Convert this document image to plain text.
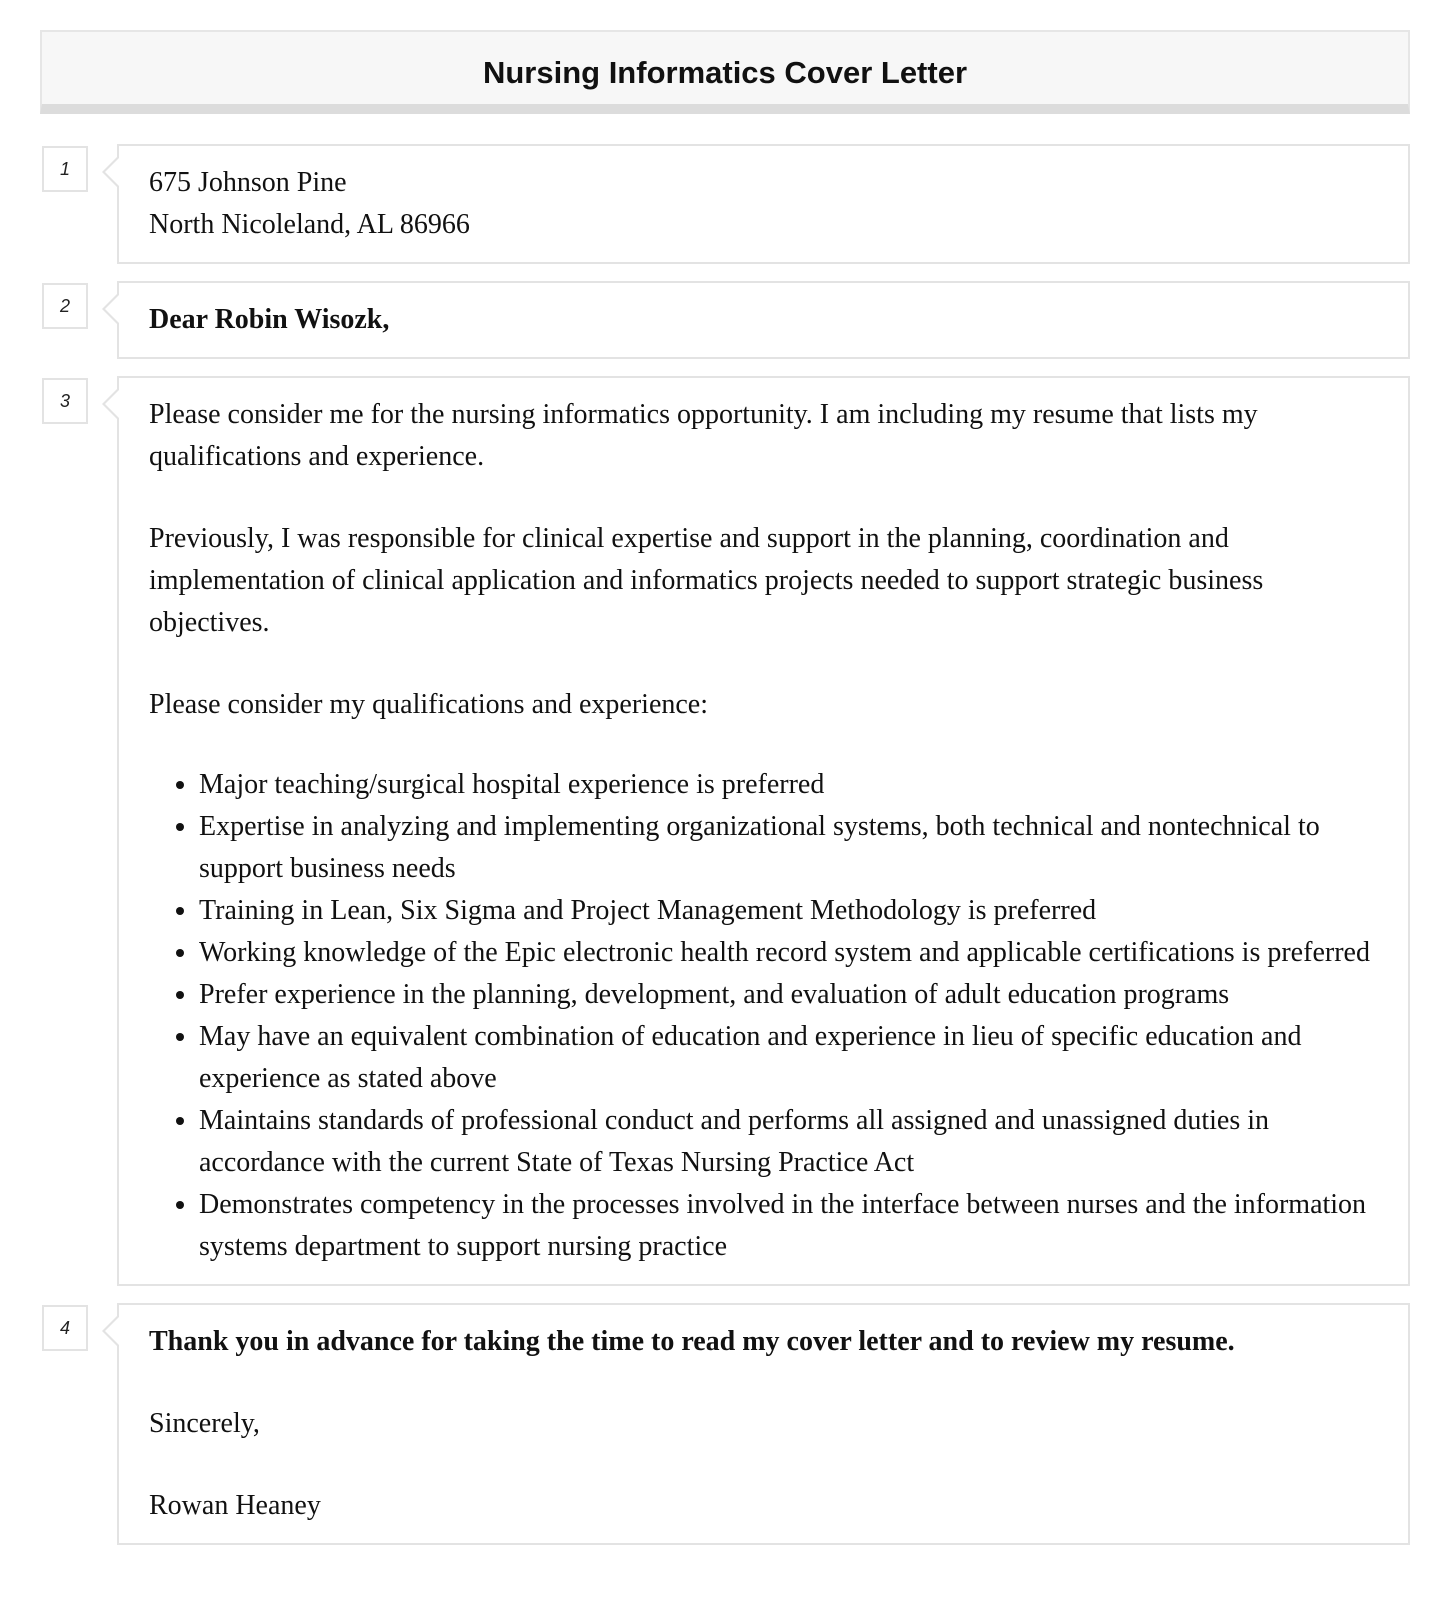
Nursing Informatics Cover Letter
1	675 Johnson Pine

North Nicoleland, AL 86966

2	Dear Robin Wisozk,

3	Please consider me for the nursing informatics opportunity. I am including my resume that lists my qualifications and experience.

Previously, I was responsible for clinical expertise and support in the planning, coordination and implementation of clinical application and informatics projects needed to support strategic business objectives.

Please consider my qualifications and experience:

• Major teaching/surgical hospital experience is preferred
• Expertise in analyzing and implementing organizational systems, both technical and nontechnical to support business needs
• Training in Lean, Six Sigma and Project Management Methodology is preferred
• Working knowledge of the Epic electronic health record system and applicable certifications is preferred
• Prefer experience in the planning, development, and evaluation of adult education programs
• May have an equivalent combination of education and experience in lieu of specific education and experience as stated above
• Maintains standards of professional conduct and performs all assigned and unassigned duties in accordance with the current State of Texas Nursing Practice Act
• Demonstrates competency in the processes involved in the interface between nurses and the information systems department to support nursing practice
4	Thank you in advance for taking the time to read my cover letter and to review my resume.

Sincerely,

Rowan Heaney
